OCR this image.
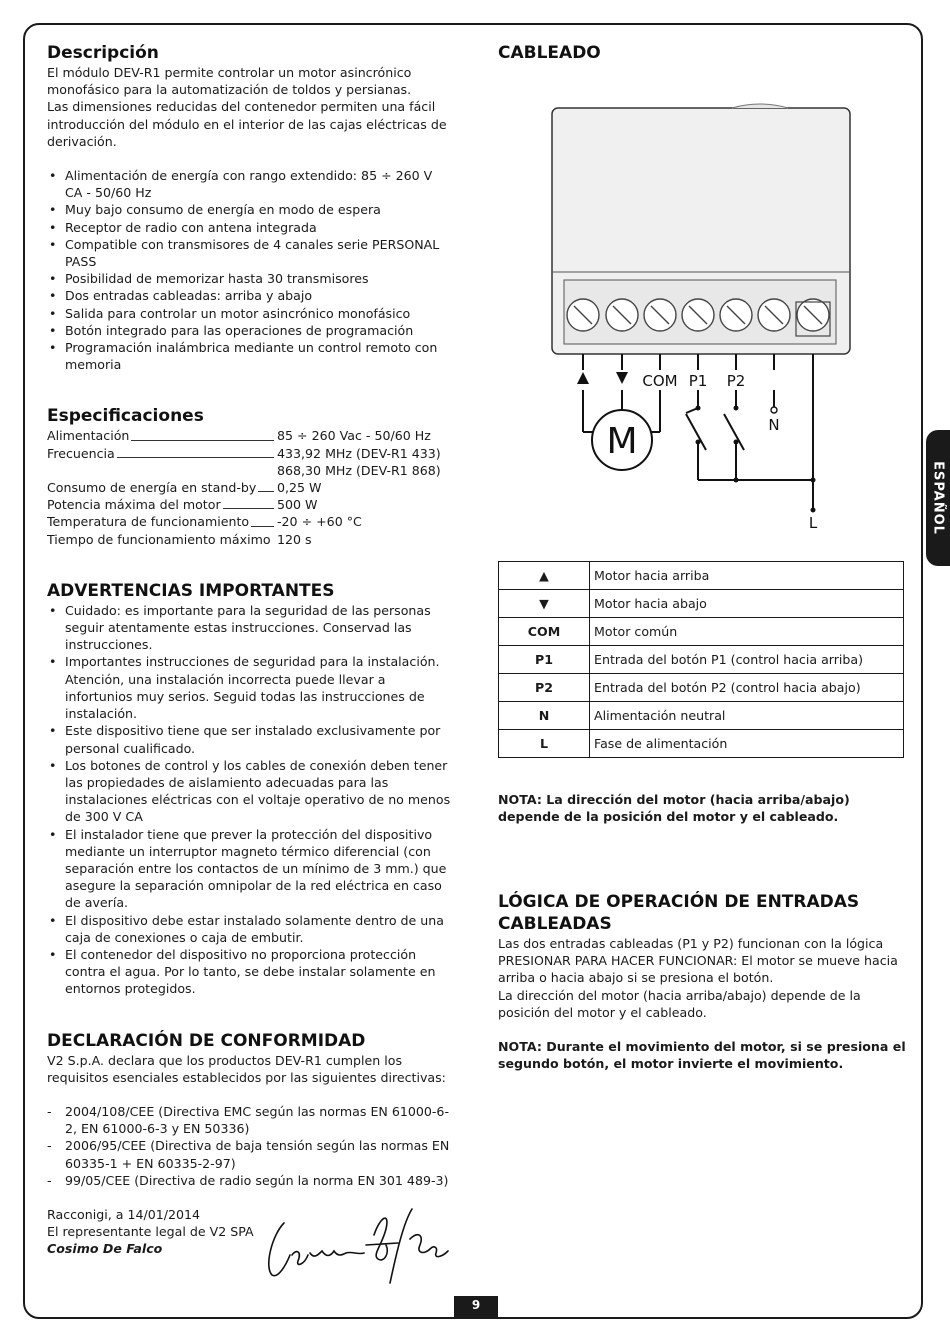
ESPAÑOL
Descripción

El módulo DEV-R1 permite controlar un motor asincrónico monofásico para la automatización de toldos y persianas.

Las dimensiones reducidas del contenedor permiten una fácil introducción del módulo en el interior de las cajas eléctricas de derivación.

• Alimentación de energía con rango extendido: 85 ÷ 260 V CA - 50/60 Hz
• Muy bajo consumo de energía en modo de espera
• Receptor de radio con antena integrada
• Compatible con transmisores de 4 canales serie PERSONAL PASS
• Posibilidad de memorizar hasta 30 transmisores
• Dos entradas cableadas: arriba y abajo
• Salida para controlar un motor asincrónico monofásico
• Botón integrado para las operaciones de programación
• Programación inalámbrica mediante un control remoto con memoria
Especificaciones
Alimentación	85 ÷ 260 Vac - 50/60 Hz
Frecuencia	433,92 MHz (DEV-R1 433)
868,30 MHz (DEV-R1 868)
Consumo de energía en stand-by 0,25 W
Potencia máxima del motor	500 W
Temperatura de funcionamiento -20 ÷ +60 °C
Tiempo de funcionamiento máximo 120 s
ADVERTENCIAS IMPORTANTES
• Cuidado: es importante para la seguridad de las personas seguir atentamente estas instrucciones. Conservad las instrucciones.
• Importantes instrucciones de seguridad para la instalación. Atención, una instalación incorrecta puede llevar a infortunios muy serios. Seguid todas las instrucciones de instalación.
• Este dispositivo tiene que ser instalado exclusivamente por personal cualificado.
• Los botones de control y los cables de conexión deben tener las propiedades de aislamiento adecuadas para las instalaciones eléctricas con el voltaje operativo de no menos de 300 V CA
• El instalador tiene que prever la protección del dispositivo mediante un interruptor magneto térmico diferencial (con separación entre los contactos de un mínimo de 3 mm.) que asegure la separación omnipolar de la red eléctrica en caso de avería.
• El dispositivo debe estar instalado solamente dentro de una caja de conexiones o caja de embutir.
• El contenedor del dispositivo no proporciona protección contra el agua. Por lo tanto, se debe instalar solamente en entornos protegidos.
DECLARACIÓN DE CONFORMIDAD
V2 S.p.A. declara que los productos DEV-R1 cumplen los requisitos esenciales establecidos por las siguientes directivas:
- 2004/108/CEE (Directiva EMC según las normas EN 61000-6-2, EN 61000-6-3 y EN 50336)
- 2006/95/CEE (Directiva de baja tensión según las normas EN 60335-1 + EN 60335-2-97)
- 99/05/CEE (Directiva de radio según la norma EN 301 489-3)

Racconigi, a 14/01/2014

El representante legal de V2 SPA

Cosimo De Falco

CABLEADO
M
COM P1 P2
N
L
▲	Motor hacia arriba
▼	Motor hacia abajo
COM	Motor común
P1	Entrada del botón P1 (control hacia arriba)
P2	Entrada del botón P2 (control hacia abajo)
N	Alimentación neutral
L	Fase de alimentación

NOTA: La dirección del motor (hacia arriba/abajo) depende de la posición del motor y el cableado.

LÓGICA DE OPERACIÓN DE ENTRADAS CABLEADAS

Las dos entradas cableadas (P1 y P2) funcionan con la lógica PRESIONAR PARA HACER FUNCIONAR: El motor se mueve hacia arriba o hacia abajo si se presiona el botón.

La dirección del motor (hacia arriba/abajo) depende de la posición del motor y el cableado.

NOTA: Durante el movimiento del motor, si se presiona el segundo botón, el motor invierte el movimiento.

9
